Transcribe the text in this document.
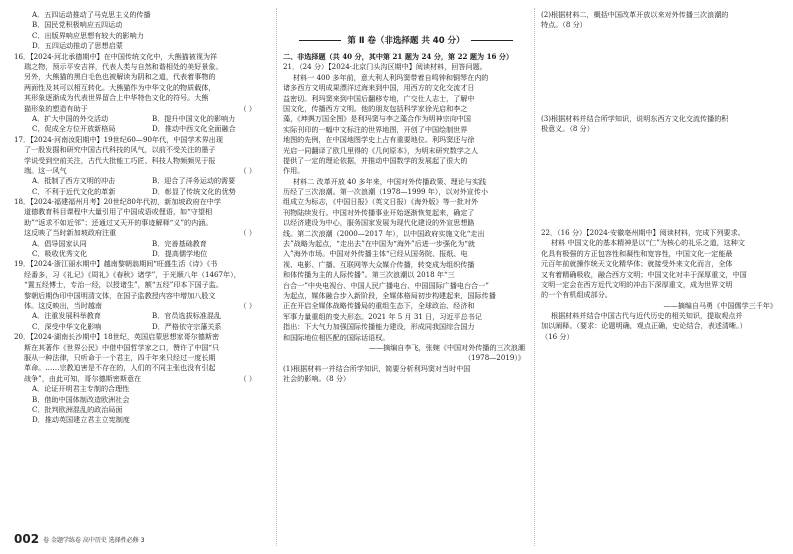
A．五四运动推动了马克思主义的传播
B．国民党积极响应五四运动
C．出版界响应思想有较大的影响力
D．五四运动推动了思想启蒙
16．【2024·河北承德期中】在中国传统文化中，大熊猫被视为祥
瑞之物，预示平安吉祥，代表人类与自然和谐相处的美好景象。
另外，大熊猫的黑白毛色也被解读为阴和之道，代表着事物的
两面性及其可以相互转化。大熊猫作为中华文化的物质载体，
其形象逐渐成为代表世界留合上中华特色文化的符号。大熊
猫形象的塑造有助于	（ ）
A．扩大中国的外交活动	B．提升中国文化的影响力
C．促成全方位开放新格局	D．推动中西文化全面融合
17．【2024·河南汝阳期中】19世纪60—90年代，中国学术界出现
了一股发掘和研究中国古代科技的风气，以前不受关注的墨子
学说受到空前关注，古代大批能工巧匠、科技人物频频见于报
端。这一风气	（ ）
A．抵制了西方文明的冲击	B．迎合了洋务运动的需要
C．不利于近代文化的革新	D．彰显了传统文化的优势
18．【2024·福建福州月考】20世纪80年代初，新加坡政府在中学
道德教育科目课程中大量引用了中国成语或俚语，如“守望相
助”“返求不如近邻”；还通过又天开的事迹解释“义”的内涵。
这反映了当时新加坡政府注重	（ ）
A．倡导国家认同	B．完善基础教育
C．吸收优秀文化	D．提高儒学地位
19．【2024·浙江丽水期中】越南黎朝翁期间“旺盛生活《诗》《书
经番多，习《礼记》《周礼》《春秋》诸学”，于光顺八年（1467年），
“置五经博士，专治一经，以授诸生”，额“五经”印本下国子监。
黎朝后期伪印中国明清文体，在国子监教授内容中增加八股文
体。这反映出，当时越南	（ ）
A．注重发展科举教育	B．官员选拔标准混乱
C．深受中华文化影响	D．严格依守宗藩关系
20．【2024·湖南长沙期中】18世纪，英国启蒙思想家哥尔德斯密
斯在其著作《世界公民》中借中国哲学家之口，赞许了中国“只
服从一种法律，只听命于一个君主，四千年来只经过一度长期
革命。……宗教迫害是不存在的，人们的不同主张也没有引起
战争”，由此可知，哥尔德斯密斯意在	（ ）
A．论证开明君主专制的合理性
B．借助中国体制改造欧洲社会
C．批判欧洲混乱的政治局面
D．推动英国建立君主立宪制度
第 Ⅱ 卷（非选择题 共 40 分）
二、非选择题（共 40 分，其中第 21 题为 24 分，第 22 题为 16 分）
21．（24 分）【2024·北京门头沟区期中】阅读材料，回答问题。
材料一 400 多年前，意大利人利玛窦带着自鸣钟和铜琴在内的
诸多西方文明成果漂洋过海来到中国，用西方的文化交流才日
益密切。利玛窦来到中国后翻移专地，广交仕人志士，了解中
国文化，传播西方文明。他的朋友包括科学家徐光启和李之
藻，《坤舆万国全图》是利玛窦与李之藻合作为明神宗向中国
实际刊印的一幅中文标注的世界地图，开创了中国绘制世界
地图的先例，在中国地图学史上占有重要地位。利玛窦还与徐
光启一同翻译了欧几里得的《几何原本》，为明末研究数学之人
提供了一定的理论依据，并推动中国数学的发展起了很大的
作用。
材料二 改革开放 40 多年来，中国对外传播政策、理论与实践
历经了三次浪潮。第一次浪潮（1978—1999 年），以对外宣传小
组成立为标志，《中国日报》（英文日报）《海外版》等一批对外
刊物陆续发行。中国对外传播事业开始逐渐恢复起来，确定了
以经济建设为中心，服务国家发展为现代化建设的外宣思想路
线。第二次浪潮（2000—2017 年），以中国政府实施文化“走出
去”战略为起点，“走出去”在中国为“海外”后进一步强化为“就
入”海外市场。中国对外传播主体“已经从国务院、报纸、电
视、电影、广播、互联网等大众媒介传播，转变成为组织传播
和体传播为主的人际传播”。第三次浪潮以 2018 年“三
台合一”中央电视台、中国人民广播电台、中国国际广播电台合一”
为起点，媒体融合步入新阶段，全媒体格局初步构建起来，国际传播
正在开启全媒体战略传播局的重组生态下，全球政治、经济和
军事力量重组的变大形态。2021 年 5 月 31 日，习近平总书记
指出：下大气力加强国际传播能力建设，形成同我国综合国力
和国际地位相匹配的国际话语权。
——摘编自李飞，张婉《中国对外传播的三次浪潮
（1978—2019）》
(1)根据材料一并结合所学知识，简要分析利玛窦对当时中国
社会的影响。（8 分）
(2)根据材料二，概括中国改革开放以来对外传播三次浪潮的
特点。（8 分）
(3)根据材料并结合所学知识，说明东西方文化交流传播的积
极意义。（8 分）
22．（16 分）【2024·安徽亳州期中】阅读材料，完成下列要求。
材料 中国文化的基本精神是以“仁”为核心的礼乐之道，这种文
化具有极强的方正包容性和凝性和宽容性，中国文化一定能最
元百年前就操作统天文化精华体；就接受外来文化而言，全体
又有着精确吸收，融合西方文明；中国文化对丰于深厚重文，中国
文明一定会在西方近代文明的冲击下深厚重文，成为世界文明
的一个有机组成部分。
——摘编自马勇《中国儒学三千年》
根据材料并结合中国古代与近代历史的相关知识，提取观点并
加以阐释。（要求：论题明确，观点正确，史论结合，表述清晰。）
（16 分）
002 卷 金题学练卷 高中历史 选择性必修 3
